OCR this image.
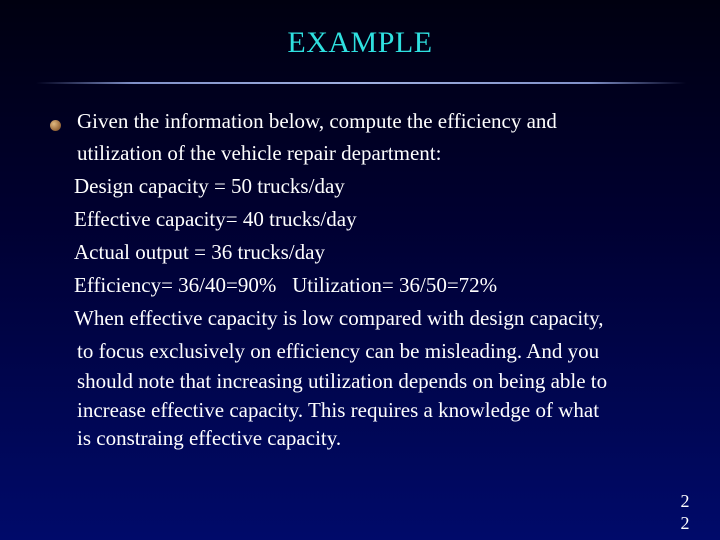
EXAMPLE
Given the information below, compute the efficiency and
utilization of the vehicle repair department:
Design capacity = 50 trucks/day
Effective capacity= 40 trucks/day
Actual output = 36 trucks/day
Efficiency= 36/40=90%   Utilization= 36/50=72%
When effective capacity is low compared with design capacity,
to focus exclusively on efficiency can be misleading. And you
should note that increasing utilization depends on being able to
increase effective capacity. This requires a knowledge of what
is constraing effective capacity.
22
